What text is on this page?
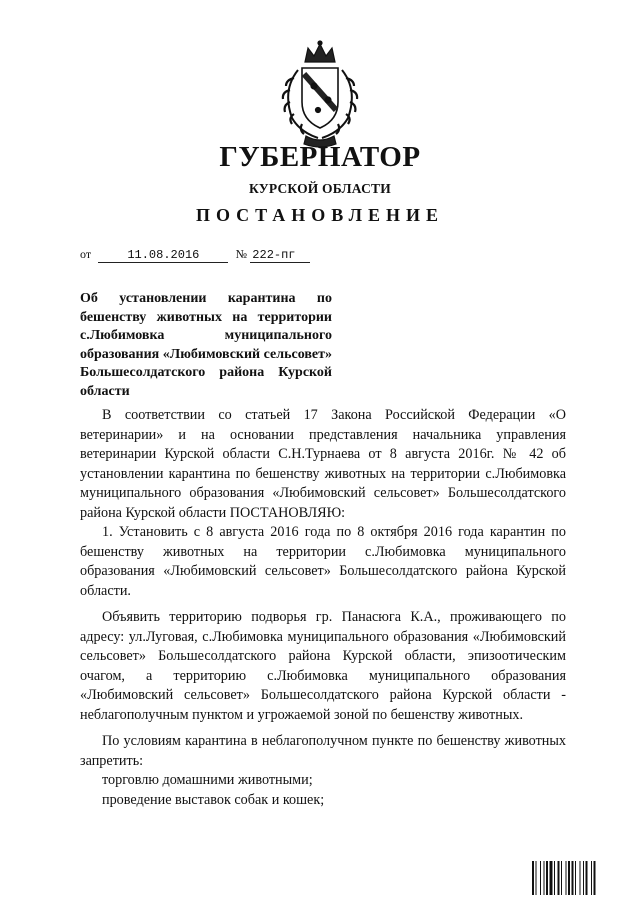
ГУБЕРНАТОР
КУРСКОЙ ОБЛАСТИ
ПОСТАНОВЛЕНИЕ
от	11.08.2016	№ 222-пг
Об установлении карантина по бешенству животных на территории с.Любимовка муниципального образования «Любимовский сельсовет» Большесолдатского района Курской области

В соответствии со статьей 17 Закона Российской Федерации «О ветеринарии» и на основании представления начальника управления ветеринарии Курской области С.Н.Турнаева от 8 августа 2016г. № 42 об установлении карантина по бешенству животных на территории с.Любимовка муниципального образования «Любимовский сельсовет» Большесолдатского района Курской области ПОСТАНОВЛЯЮ:

1. Установить с 8 августа 2016 года по 8 октября 2016 года карантин по бешенству животных на территории с.Любимовка муниципального образования «Любимовский сельсовет» Большесолдатского района Курской области.

Объявить территорию подворья гр. Панасюга К.А., проживающего по адресу: ул.Луговая, с.Любимовка муниципального образования «Любимовский сельсовет» Большесолдатского района Курской области, эпизоотическим очагом, а территорию с.Любимовка муниципального образования «Любимовский сельсовет» Большесолдатского района Курской области - неблагополучным пунктом и угрожаемой зоной по бешенству животных.

По условиям карантина в неблагополучном пункте по бешенству животных запретить:

торговлю домашними животными;

проведение выставок собак и кошек;
